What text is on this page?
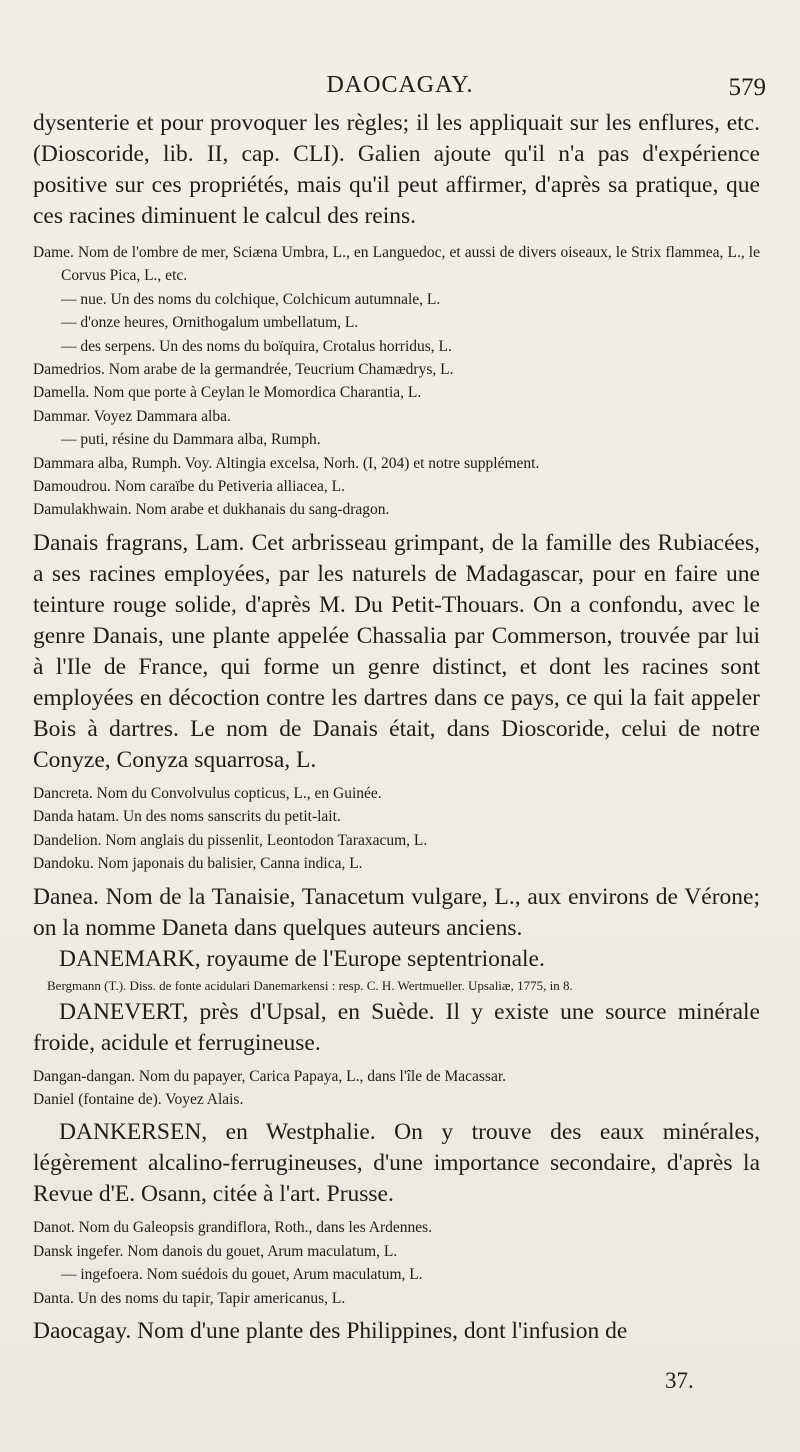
DAOCAGAY.	579

dysenterie et pour provoquer les règles; il les appliquait sur les enflures, etc. (Dioscoride, lib. II, cap. CLI). Galien ajoute qu'il n'a pas d'expérience positive sur ces propriétés, mais qu'il peut affirmer, d'après sa pratique, que ces racines diminuent le calcul des reins.

Dame. Nom de l'ombre de mer, Sciæna Umbra, L., en Languedoc, et aussi de divers oiseaux, le Strix flammea, L., le Corvus Pica, L., etc.

— nue. Un des noms du colchique, Colchicum autumnale, L.

— d'onze heures, Ornithogalum umbellatum, L.

— des serpens. Un des noms du boïquira, Crotalus horridus, L.

Damedrios. Nom arabe de la germandrée, Teucrium Chamædrys, L.

Damella. Nom que porte à Ceylan le Momordica Charantia, L.

Dammar. Voyez Dammara alba.

— puti, résine du Dammara alba, Rumph.

Dammara alba, Rumph. Voy. Altingia excelsa, Norh. (I, 204) et notre supplément.

Damoudrou. Nom caraïbe du Petiveria alliacea, L.

Damulakhwain. Nom arabe et dukhanais du sang-dragon.

Danais fragrans, Lam. Cet arbrisseau grimpant, de la famille des Rubiacées, a ses racines employées, par les naturels de Madagascar, pour en faire une teinture rouge solide, d'après M. Du Petit-Thouars. On a confondu, avec le genre Danais, une plante appelée Chassalia par Commerson, trouvée par lui à l'Ile de France, qui forme un genre distinct, et dont les racines sont employées en décoction contre les dartres dans ce pays, ce qui la fait appeler Bois à dartres. Le nom de Danais était, dans Dioscoride, celui de notre Conyze, Conyza squarrosa, L.

Dancreta. Nom du Convolvulus copticus, L., en Guinée.

Danda hatam. Un des noms sanscrits du petit-lait.

Dandelion. Nom anglais du pissenlit, Leontodon Taraxacum, L.

Dandoku. Nom japonais du balisier, Canna indica, L.

Danea. Nom de la Tanaisie, Tanacetum vulgare, L., aux environs de Vérone; on la nomme Daneta dans quelques auteurs anciens.

DANEMARK, royaume de l'Europe septentrionale.

Bergmann (T.). Diss. de fonte acidulari Danemarkensi : resp. C. H. Wertmueller. Upsaliæ, 1775, in 8.

DANEVERT, près d'Upsal, en Suède. Il y existe une source minérale froide, acidule et ferrugineuse.

Dangan-dangan. Nom du papayer, Carica Papaya, L., dans l'île de Macassar.

Daniel (fontaine de). Voyez Alais.

DANKERSEN, en Westphalie. On y trouve des eaux minérales, légèrement alcalino-ferrugineuses, d'une importance secondaire, d'après la Revue d'E. Osann, citée à l'art. Prusse.

Danot. Nom du Galeopsis grandiflora, Roth., dans les Ardennes.

Dansk ingefer. Nom danois du gouet, Arum maculatum, L.

— ingefoera. Nom suédois du gouet, Arum maculatum, L.

Danta. Un des noms du tapir, Tapir americanus, L.

Daocagay. Nom d'une plante des Philippines, dont l'infusion de

37.
